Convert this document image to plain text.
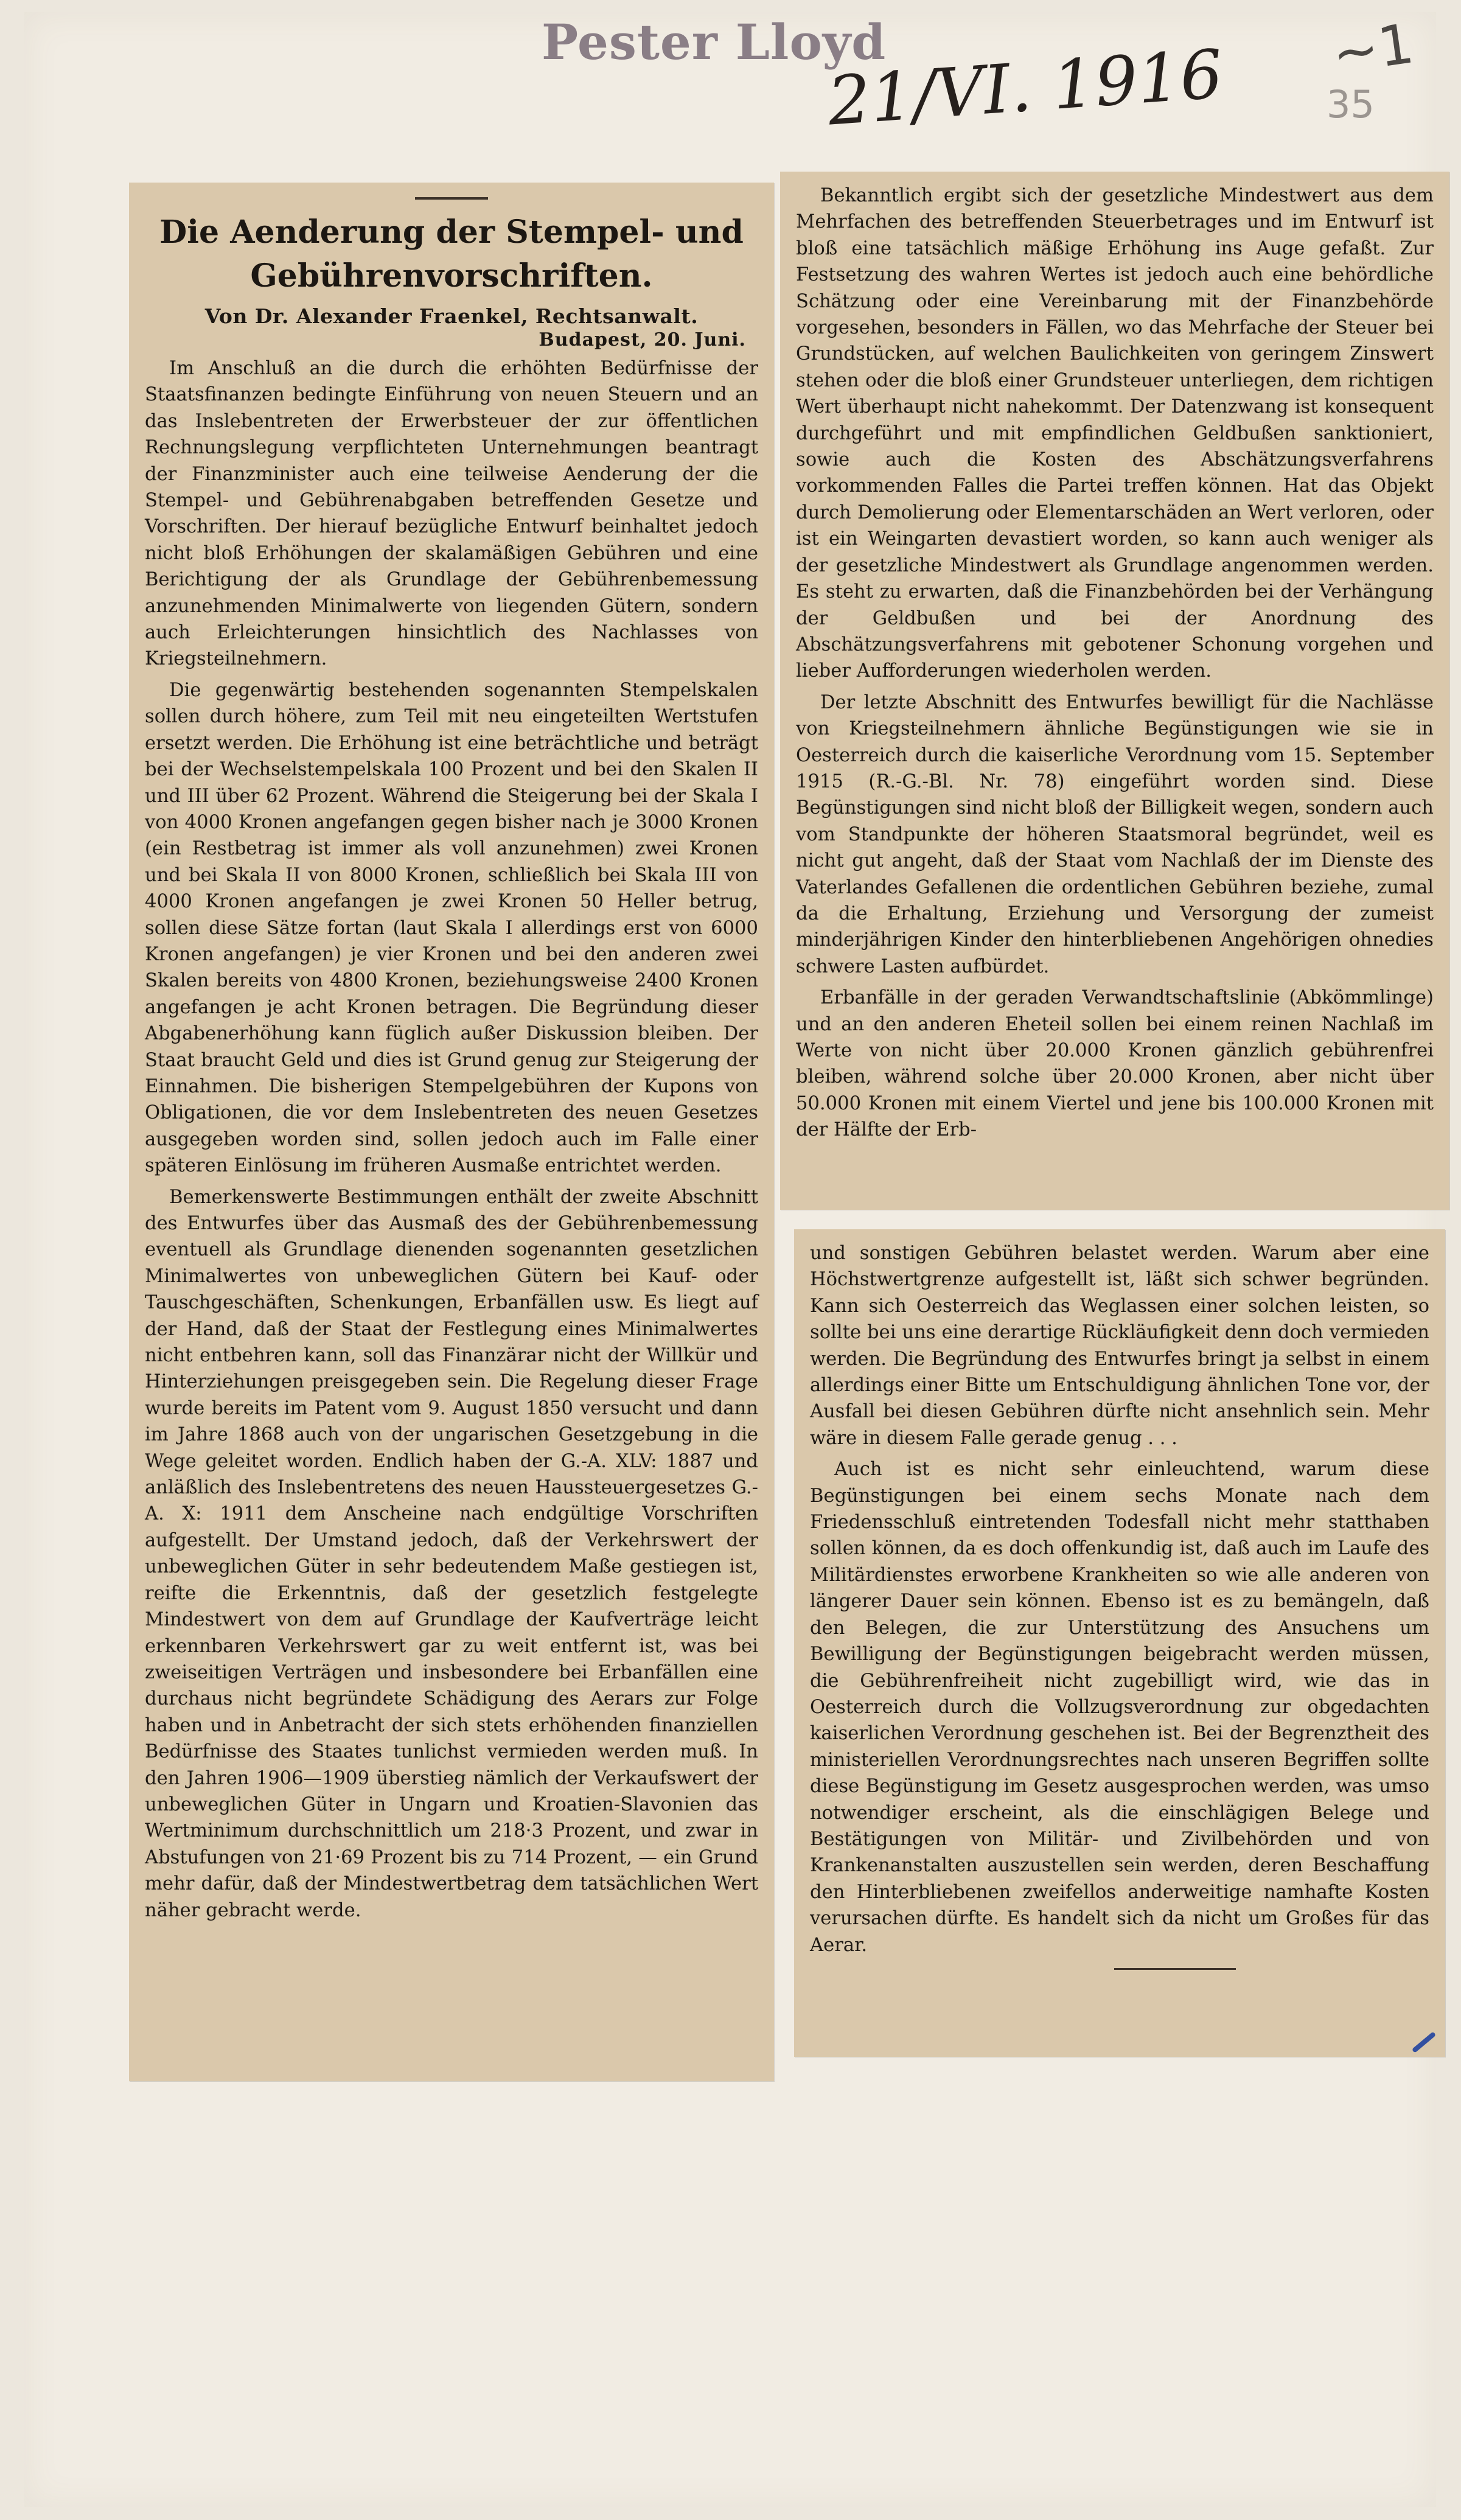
Pester Lloyd
21/VI. 1916 ~1
35
Die Aenderung der Stempel- und Gebührenvorschriften.
Von Dr. Alexander Fraenkel, Rechtsanwalt.
Budapest, 20. Juni.

Im Anschluß an die durch die erhöhten Bedürfnisse der Staatsfinanzen bedingte Einführung von neuen Steuern und an das Inslebentreten der Erwerbsteuer der zur öffentlichen Rechnungslegung verpflichteten Unternehmungen beantragt der Finanzminister auch eine teilweise Aenderung der die Stempel- und Gebührenabgaben betreffenden Gesetze und Vorschriften. Der hierauf bezügliche Entwurf beinhaltet jedoch nicht bloß Erhöhungen der skalamäßigen Gebühren und eine Berichtigung der als Grundlage der Gebührenbemessung anzunehmenden Minimalwerte von liegenden Gütern, sondern auch Erleichterungen hinsichtlich des Nachlasses von Kriegsteilnehmern.

Die gegenwärtig bestehenden sogenannten Stempelskalen sollen durch höhere, zum Teil mit neu eingeteilten Wertstufen ersetzt werden. Die Erhöhung ist eine beträchtliche und beträgt bei der Wechselstempelskala 100 Prozent und bei den Skalen II und III über 62 Prozent. Während die Steigerung bei der Skala I von 4000 Kronen angefangen gegen bisher nach je 3000 Kronen (ein Restbetrag ist immer als voll anzunehmen) zwei Kronen und bei Skala II von 8000 Kronen, schließlich bei Skala III von 4000 Kronen angefangen je zwei Kronen 50 Heller betrug, sollen diese Sätze fortan (laut Skala I allerdings erst von 6000 Kronen angefangen) je vier Kronen und bei den anderen zwei Skalen bereits von 4800 Kronen, beziehungsweise 2400 Kronen angefangen je acht Kronen betragen. Die Begründung dieser Abgabenerhöhung kann füglich außer Diskussion bleiben. Der Staat braucht Geld und dies ist Grund genug zur Steigerung der Einnahmen. Die bisherigen Stempelgebühren der Kupons von Obligationen, die vor dem Inslebentreten des neuen Gesetzes ausgegeben worden sind, sollen jedoch auch im Falle einer späteren Einlösung im früheren Ausmaße entrichtet werden.

Bemerkenswerte Bestimmungen enthält der zweite Abschnitt des Entwurfes über das Ausmaß des der Gebührenbemessung eventuell als Grundlage dienenden sogenannten gesetzlichen Minimalwertes von unbeweglichen Gütern bei Kauf- oder Tauschgeschäften, Schenkungen, Erbanfällen usw. Es liegt auf der Hand, daß der Staat der Festlegung eines Minimalwertes nicht entbehren kann, soll das Finanzärar nicht der Willkür und Hinterziehungen preisgegeben sein. Die Regelung dieser Frage wurde bereits im Patent vom 9. August 1850 versucht und dann im Jahre 1868 auch von der ungarischen Gesetzgebung in die Wege geleitet worden. Endlich haben der G.-A. XLV: 1887 und anläßlich des Inslebentretens des neuen Haussteuergesetzes G.-A. X: 1911 dem Anscheine nach endgültige Vorschriften aufgestellt. Der Umstand jedoch, daß der Verkehrswert der unbeweglichen Güter in sehr bedeutendem Maße gestiegen ist, reifte die Erkenntnis, daß der gesetzlich festgelegte Mindestwert von dem auf Grundlage der Kaufverträge leicht erkennbaren Verkehrswert gar zu weit entfernt ist, was bei zweiseitigen Verträgen und insbesondere bei Erbanfällen eine durchaus nicht begründete Schädigung des Aerars zur Folge haben und in Anbetracht der sich stets erhöhenden finanziellen Bedürfnisse des Staates tunlichst vermieden werden muß. In den Jahren 1906—1909 überstieg nämlich der Verkaufswert der unbeweglichen Güter in Ungarn und Kroatien-Slavonien das Wertminimum durchschnittlich um 218·3 Prozent, und zwar in Abstufungen von 21·69 Prozent bis zu 714 Prozent, — ein Grund mehr dafür, daß der Mindestwertbetrag dem tatsächlichen Wert näher gebracht werde.

Bekanntlich ergibt sich der gesetzliche Mindestwert aus dem Mehrfachen des betreffenden Steuerbetrages und im Entwurf ist bloß eine tatsächlich mäßige Erhöhung ins Auge gefaßt. Zur Festsetzung des wahren Wertes ist jedoch auch eine behördliche Schätzung oder eine Vereinbarung mit der Finanzbehörde vorgesehen, besonders in Fällen, wo das Mehrfache der Steuer bei Grundstücken, auf welchen Baulichkeiten von geringem Zinswert stehen oder die bloß einer Grundsteuer unterliegen, dem richtigen Wert überhaupt nicht nahekommt. Der Datenzwang ist konsequent durchgeführt und mit empfindlichen Geldbußen sanktioniert, sowie auch die Kosten des Abschätzungsverfahrens vorkommenden Falles die Partei treffen können. Hat das Objekt durch Demolierung oder Elementarschäden an Wert verloren, oder ist ein Weingarten devastiert worden, so kann auch weniger als der gesetzliche Mindestwert als Grundlage angenommen werden. Es steht zu erwarten, daß die Finanzbehörden bei der Verhängung der Geldbußen und bei der Anordnung des Abschätzungsverfahrens mit gebotener Schonung vorgehen und lieber Aufforderungen wiederholen werden.

Der letzte Abschnitt des Entwurfes bewilligt für die Nachlässe von Kriegsteilnehmern ähnliche Begünstigungen wie sie in Oesterreich durch die kaiserliche Verordnung vom 15. September 1915 (R.-G.-Bl. Nr. 78) eingeführt worden sind. Diese Begünstigungen sind nicht bloß der Billigkeit wegen, sondern auch vom Standpunkte der höheren Staatsmoral begründet, weil es nicht gut angeht, daß der Staat vom Nachlaß der im Dienste des Vaterlandes Gefallenen die ordentlichen Gebühren beziehe, zumal da die Erhaltung, Erziehung und Versorgung der zumeist minderjährigen Kinder den hinterbliebenen Angehörigen ohnedies schwere Lasten aufbürdet.

Erbanfälle in der geraden Verwandtschaftslinie (Abkömmlinge) und an den anderen Eheteil sollen bei einem reinen Nachlaß im Werte von nicht über 20.000 Kronen gänzlich gebührenfrei bleiben, während solche über 20.000 Kronen, aber nicht über 50.000 Kronen mit einem Viertel und jene bis 100.000 Kronen mit der Hälfte der Erb-

und sonstigen Gebühren belastet werden. Warum aber eine Höchstwertgrenze aufgestellt ist, läßt sich schwer begründen. Kann sich Oesterreich das Weglassen einer solchen leisten, so sollte bei uns eine derartige Rückläufigkeit denn doch vermieden werden. Die Begründung des Entwurfes bringt ja selbst in einem allerdings einer Bitte um Entschuldigung ähnlichen Tone vor, der Ausfall bei diesen Gebühren dürfte nicht ansehnlich sein. Mehr wäre in diesem Falle gerade genug . . .

Auch ist es nicht sehr einleuchtend, warum diese Begünstigungen bei einem sechs Monate nach dem Friedensschluß eintretenden Todesfall nicht mehr statthaben sollen können, da es doch offenkundig ist, daß auch im Laufe des Militärdienstes erworbene Krankheiten so wie alle anderen von längerer Dauer sein können. Ebenso ist es zu bemängeln, daß den Belegen, die zur Unterstützung des Ansuchens um Bewilligung der Begünstigungen beigebracht werden müssen, die Gebührenfreiheit nicht zugebilligt wird, wie das in Oesterreich durch die Vollzugsverordnung zur obgedachten kaiserlichen Verordnung geschehen ist. Bei der Begrenztheit des ministeriellen Verordnungsrechtes nach unseren Begriffen sollte diese Begünstigung im Gesetz ausgesprochen werden, was umso notwendiger erscheint, als die einschlägigen Belege und Bestätigungen von Militär- und Zivilbehörden und von Krankenanstalten auszustellen sein werden, deren Beschaffung den Hinterbliebenen zweifellos anderweitige namhafte Kosten verursachen dürfte. Es handelt sich da nicht um Großes für das Aerar.
